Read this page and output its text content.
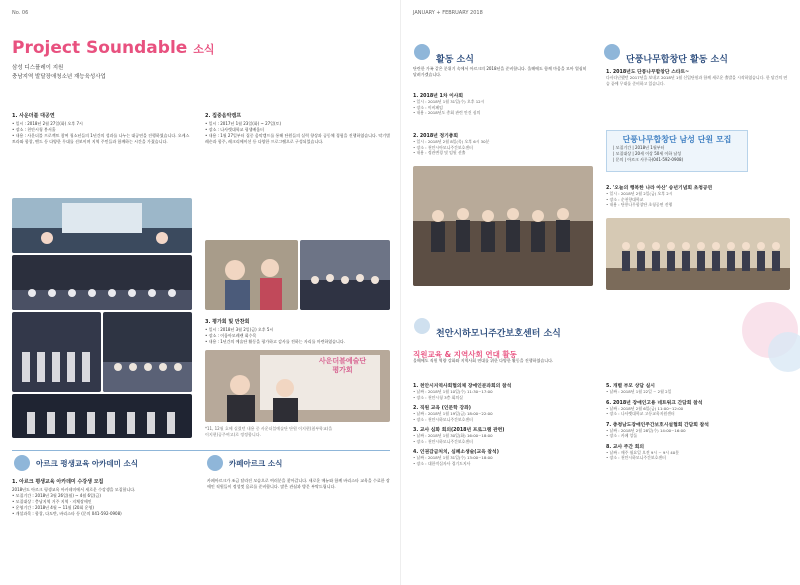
No. 06
Project Soundable 소식
삼성 디스플레이 지원
충남지역 발달장애청소년 재능육성사업
1. 사운더블 대공연
• 일시 : 2018년 2월 27일(화) 오후 7시
• 장소 : 천안시청 봉서홀
• 내용 : 사운더블 프로젝트 참여 청소년들의 1년간의 성과를 나누는 대공연을 진행하였습니다. 오케스트라와 합창, 밴드 등 다양한 무대를 선보이며 지역 주민들과 함께하는 시간을 가졌습니다.
2. 집중음악캠프
• 일시 : 2017년 1월 23일(화) ~ 27일(토)
• 장소 : 나사렛대학교 평생배움터
• 내용 : 1월 27일부터 집중 음악캠프를 통해 단원들의 실력 향상과 공동체 경험을 진행하였습니다. 악기별 레슨과 합주, 레크리에이션 등 다양한 프로그램으로 구성되었습니다.
3. 평가회 및 만찬회
• 일시 : 2018년 3월 2일(금) 오후 5시
• 장소 : 이룸아모레랜 회수목
• 내용 : 1년간의 예술단 활동을 평가하고 감사를 전하는 자리를 마련하였습니다.
사운더블예술단
평가회
*11, 12월 호에 실렸던 내용 중 사운더블예술단 단원 이지현(첨부학교)을
이지현(공주여고)로 정정합니다.
아르크 평생교육 아카데미 소식
1. 아르크 평생교육 아카데미 수강생 모집
2018년도 아르크 평생교육 아카데미에서 새로운 수강생을 모집합니다.
• 모집기간 : 2018년 3월 26일(월) ~ 4월 6일(금)
• 모집대상 : 충남지역 거주 지역 · 지체장애인
• 운영기간 : 2018년 4월 ~ 11월 (20회 운영)
• 개설과목 : 합창, 다도반, 바리스타 등 (문의 041-592-0908)
카페아르크 소식
카페아르크가 조금 달라진 모습으로 여러분을 찾아갑니다. 새로운 메뉴와 함께 바리스타 교육을 수료한 장애인 직원들이 정성껏 음료를 준비합니다. 많은 관심과 방문 부탁드립니다.
JANUARY + FEBRUARY 2018
활동 소식
단란한 가족 같은 분위기 속에서 아르크의 2018년을 준비합니다. 올해에도 함께 마음을 모아 열심히 달려가겠습니다.
1. 2018년 1차 이사회
• 일시 : 2018년 1월 31일(수) 오후 12시
• 장소 : 이비페임
• 내용 : 2018년도 총회 관련 안건 심의
2. 2018년 정기총회
• 일시 : 2018년 2월 8일(목) 오후 6시 30분
• 장소 : 천안시아모니주간보호센터
• 내용 : 정관변경 및 임원 선출
단풍나무합창단 활동 소식
1. 2018년도 단풍나무합창단 스타트~
다사다난했던 2017년을 보내고 2018년 1월 신입단원과 함께 새로운 출발을 시작하였습니다. 한 달간의 연습 끝에 무대를 준비하고 있습니다.
단풍나무합창단 남성 단원 모집
| 모집기간 | 2018년 1월부터
| 모집대상 | 20세 이상 50세 이하 남성
| 문의 | 아르크 사무국(041-592-0908)
2. '오늘의 행복한 나라 아산' 송년기념회 초청공연
• 일시 : 2018년 2월 2일(금) 오후 2시
• 장소 : 순천향대학교
• 내용 : 단풍나무합창단 초청공연 진행
천안시하모니주간보호센터 소식
직원교육 & 지역사회 연대 활동
올해에도 직원 역량 강화와 지역사회 연대를 위한 다양한 활동을 진행하였습니다.
1. 천안시지역사회협의체 장애인분과회의 참석
• 날짜 : 2018년 1월 10일(수) 11:30~17:00
• 장소 : 천안시청 3층 회의실
2. 직원 교육 (인문학 강좌)
• 날짜 : 2018년 1월 19일(금) 18:00~22:00
• 장소 : 천안시하모니주간보호센터
3. 교사 심화 회의(2018년 프로그램 관련)
• 날짜 : 2018년 1월 30일(화) 16:00~18:00
• 장소 : 천안시하모니주간보호센터
4. 인권감금처치, 심폐소생술(교육 참석)
• 날짜 : 2018년 1월 31일(수) 13:00~18:00
• 장소 : 대한적십자사 경기도지사
5. 개별 부모 상담 실시
• 날짜 : 2018년 1월 22일 ~ 2월 2일
6. 2018년 장애인고용 네트워크 간담회 참석
• 날짜 : 2018년 2월 6일(금) 11:00~12:00
• 장소 : 나사렛대학교 고등교육지원센터
7. 충청남도장애인주간보호시설협회 간담회 참석
• 날짜 : 2018년 2월 28일(수) 14:00~16:00
• 장소 : 카페 앙돌
8. 교사 주간 회의
• 날짜 : 매주 월요일 오전 9시 ~ 9시 40분
• 장소 : 천안시하모니주간보호센터
